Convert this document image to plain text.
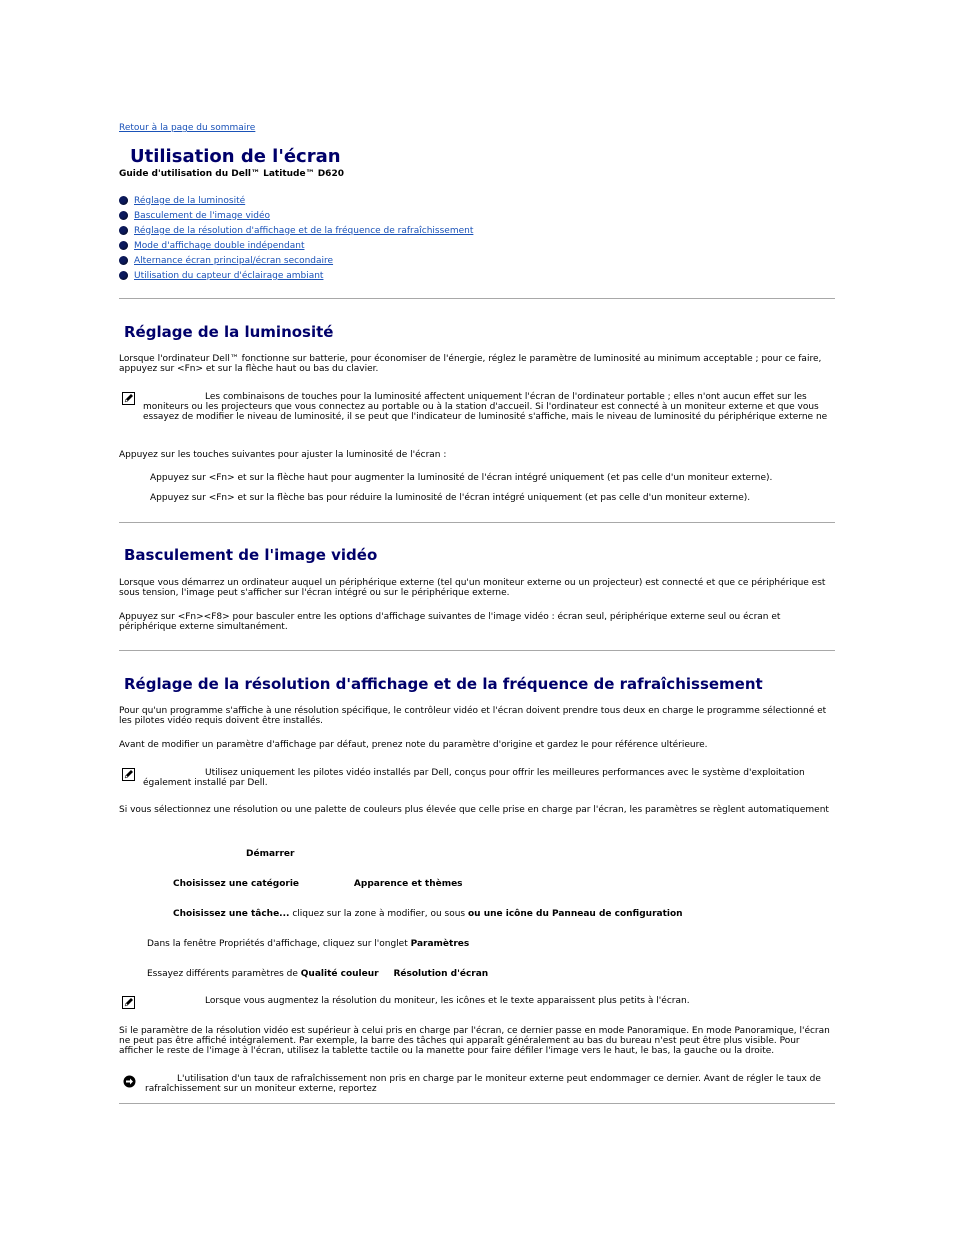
Retour à la page du sommaire
Utilisation de l'écran
Guide d'utilisation du Dell™ Latitude™ D620
Réglage de la luminosité
Basculement de l'image vidéo
Réglage de la résolution d'affichage et de la fréquence de rafraîchissement
Mode d'affichage double indépendant
Alternance écran principal/écran secondaire
Utilisation du capteur d'éclairage ambiant
Réglage de la luminosité
Lorsque l'ordinateur Dell™ fonctionne sur batterie, pour économiser de l'énergie, réglez le paramètre de luminosité au minimum acceptable ; pour ce faire, appuyez sur <Fn> et sur la flèche haut ou bas du clavier.
Les combinaisons de touches pour la luminosité affectent uniquement l'écran de l'ordinateur portable ; elles n'ont aucun effet sur les moniteurs ou les projecteurs que vous connectez au portable ou à la station d'accueil. Si l'ordinateur est connecté à un moniteur externe et que vous essayez de modifier le niveau de luminosité, il se peut que l'indicateur de luminosité s'affiche, mais le niveau de luminosité du périphérique externe ne
Appuyez sur les touches suivantes pour ajuster la luminosité de l'écran :
Appuyez sur <Fn> et sur la flèche haut pour augmenter la luminosité de l'écran intégré uniquement (et pas celle d'un moniteur externe).
Appuyez sur <Fn> et sur la flèche bas pour réduire la luminosité de l'écran intégré uniquement (et pas celle d'un moniteur externe).
Basculement de l'image vidéo
Lorsque vous démarrez un ordinateur auquel un périphérique externe (tel qu'un moniteur externe ou un projecteur) est connecté et que ce périphérique est sous tension, l'image peut s'afficher sur l'écran intégré ou sur le périphérique externe.
Appuyez sur <Fn><F8> pour basculer entre les options d'affichage suivantes de l'image vidéo : écran seul, périphérique externe seul ou écran et périphérique externe simultanément.
Réglage de la résolution d'affichage et de la fréquence de rafraîchissement
Pour qu'un programme s'affiche à une résolution spécifique, le contrôleur vidéo et l'écran doivent prendre tous deux en charge le programme sélectionné et les pilotes vidéo requis doivent être installés.
Avant de modifier un paramètre d'affichage par défaut, prenez note du paramètre d'origine et gardez le pour référence ultérieure.
Utilisez uniquement les pilotes vidéo installés par Dell, conçus pour offrir les meilleures performances avec le système d'exploitation également installé par Dell.
Si vous sélectionnez une résolution ou une palette de couleurs plus élevée que celle prise en charge par l'écran, les paramètres se règlent automatiquement
Démarrer
Choisissez une catégorie	Apparence et thèmes
Choisissez une tâche... cliquez sur la zone à modifier, ou sous ou une icône du Panneau de configuration
Dans la fenêtre Propriétés d'affichage, cliquez sur l'onglet Paramètres
Essayez différents paramètres de Qualité couleur Résolution d'écran
Lorsque vous augmentez la résolution du moniteur, les icônes et le texte apparaissent plus petits à l'écran.
Si le paramètre de la résolution vidéo est supérieur à celui pris en charge par l'écran, ce dernier passe en mode Panoramique. En mode Panoramique, l'écran ne peut pas être affiché intégralement. Par exemple, la barre des tâches qui apparaît généralement au bas du bureau n'est peut être plus visible. Pour afficher le reste de l'image à l'écran, utilisez la tablette tactile ou la manette pour faire défiler l'image vers le haut, le bas, la gauche ou la droite.
L'utilisation d'un taux de rafraîchissement non pris en charge par le moniteur externe peut endommager ce dernier. Avant de régler le taux de rafraîchissement sur un moniteur externe, reportez
